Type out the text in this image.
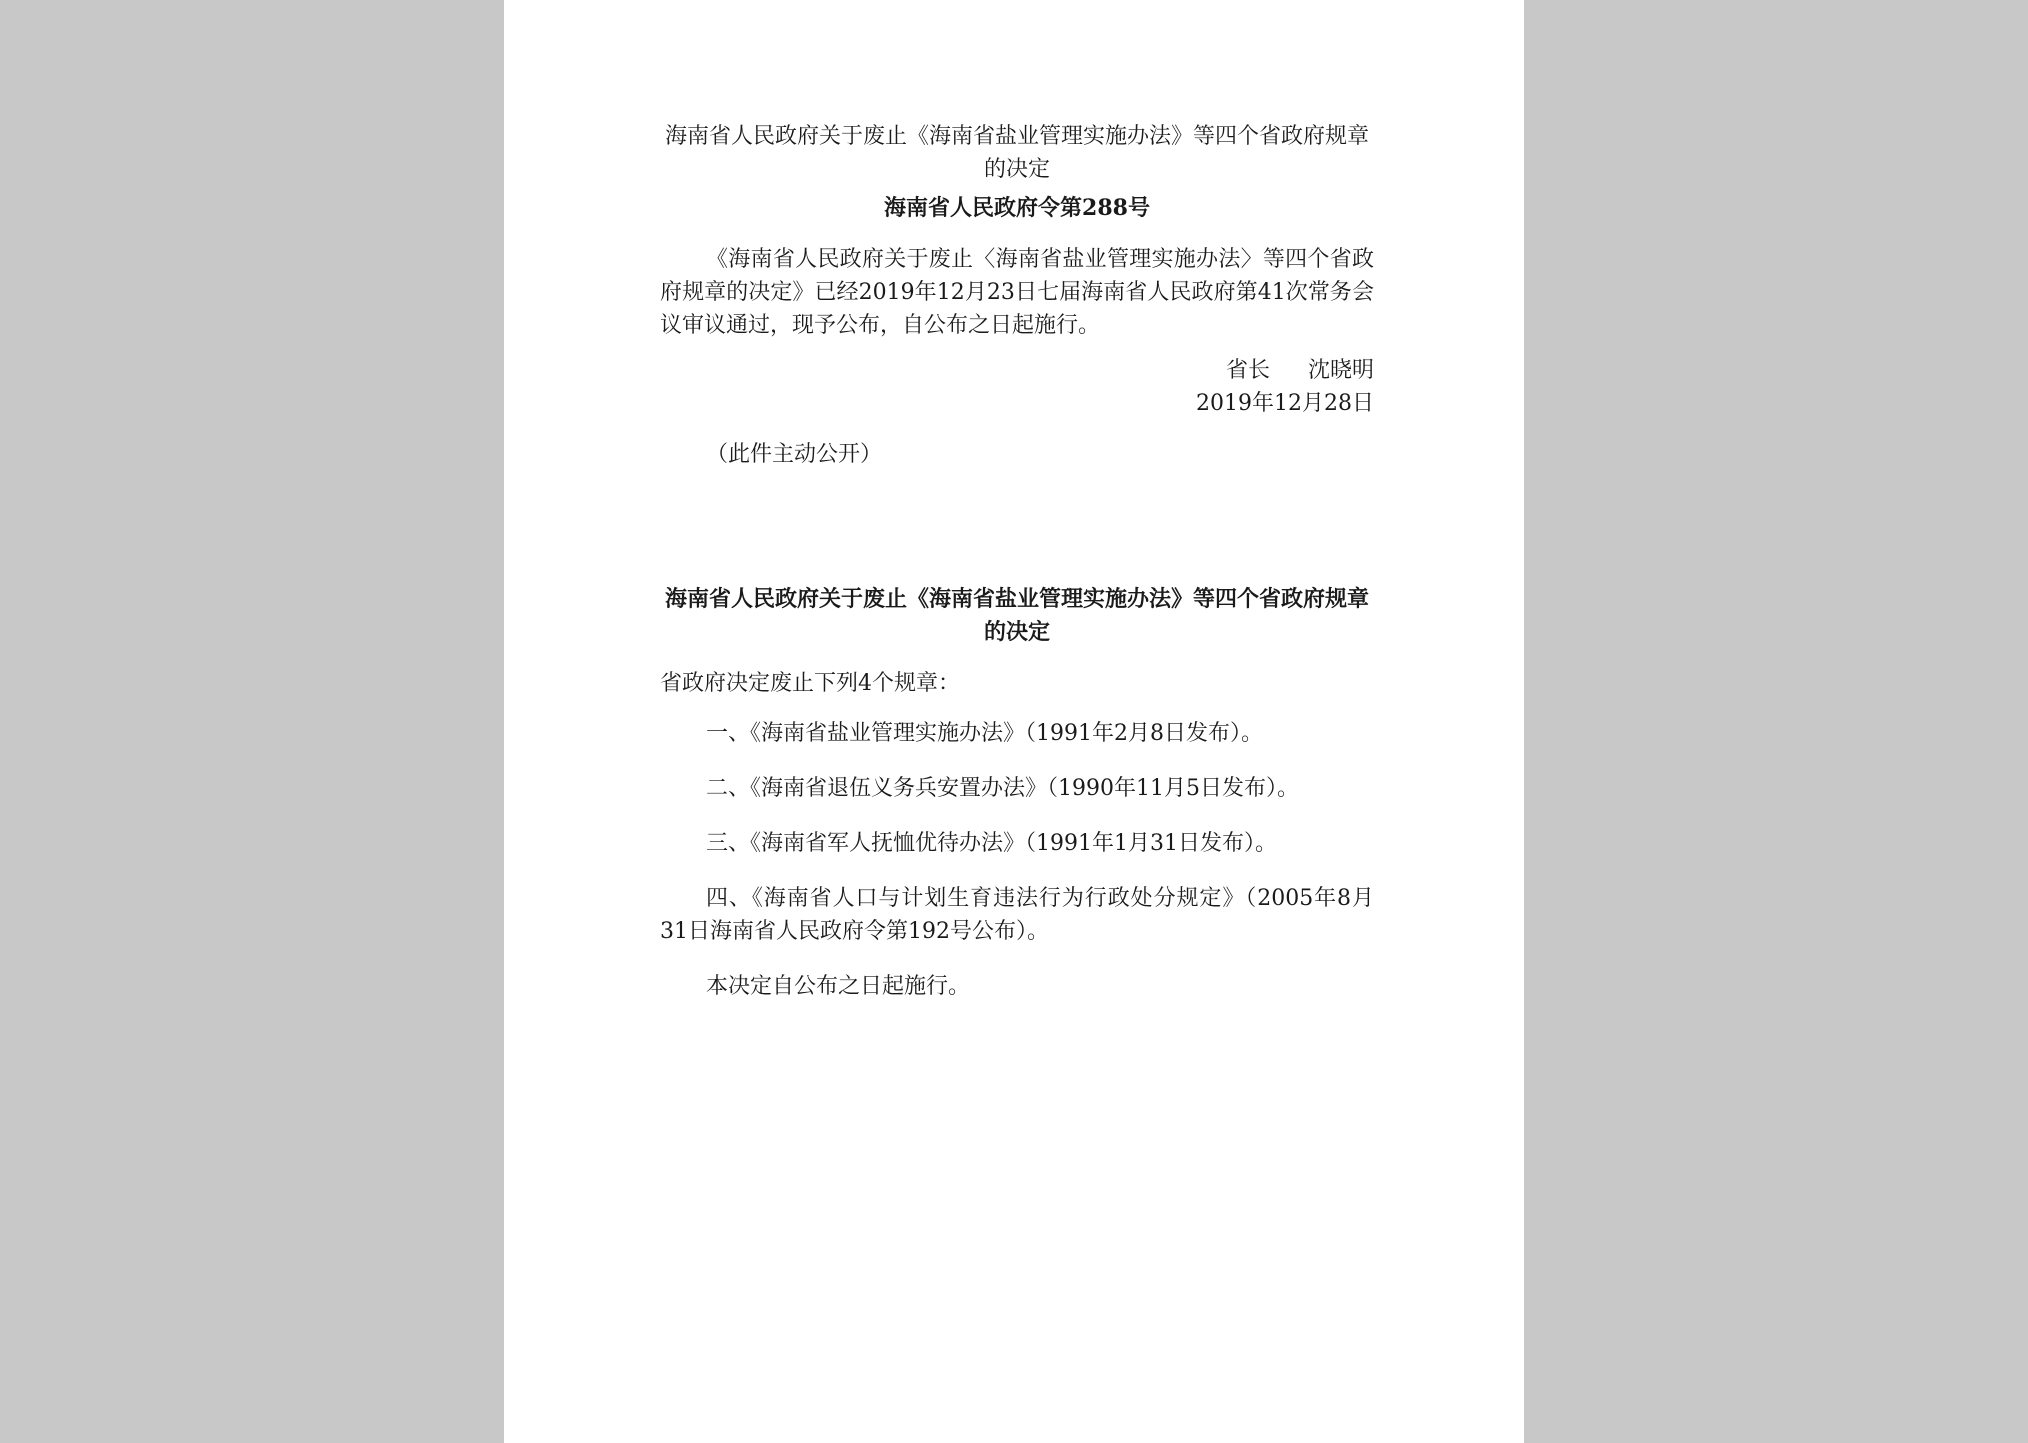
海南省人民政府关于废止《海南省盐业管理实施办法》等四个省政府规章的决定

海南省人民政府令第288号

《海南省人民政府关于废止〈海南省盐业管理实施办法〉等四个省政府规章的决定》已经2019年12月23日七届海南省人民政府第41次常务会议审议通过，现予公布，自公布之日起施行。

省长 沈晓明
2019年12月28日
（此件主动公开）

海南省人民政府关于废止《海南省盐业管理实施办法》等四个省政府规章的决定

省政府决定废止下列4个规章：

一、《海南省盐业管理实施办法》（1991年2月8日发布）。

二、《海南省退伍义务兵安置办法》（1990年11月5日发布）。

三、《海南省军人抚恤优待办法》（1991年1月31日发布）。

四、《海南省人口与计划生育违法行为行政处分规定》（2005年8月31日海南省人民政府令第192号公布）。

本决定自公布之日起施行。
